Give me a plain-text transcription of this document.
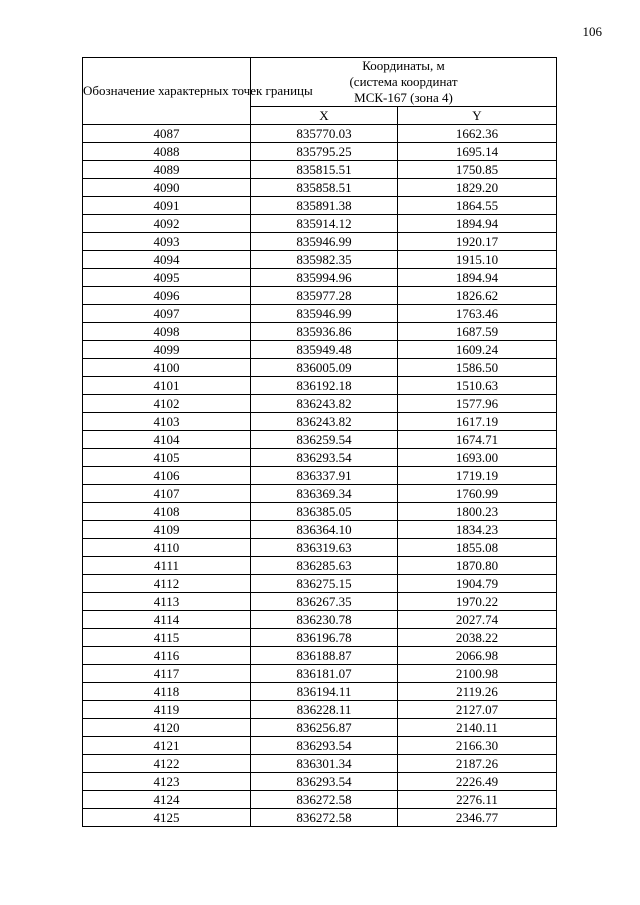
106
Обозначение характерных точек границы	Координаты, м
(система координат
МСК-167 (зона 4)	
	X	Y
4087	835770.03	1662.36
4088	835795.25	1695.14
4089	835815.51	1750.85
4090	835858.51	1829.20
4091	835891.38	1864.55
4092	835914.12	1894.94
4093	835946.99	1920.17
4094	835982.35	1915.10
4095	835994.96	1894.94
4096	835977.28	1826.62
4097	835946.99	1763.46
4098	835936.86	1687.59
4099	835949.48	1609.24
4100	836005.09	1586.50
4101	836192.18	1510.63
4102	836243.82	1577.96
4103	836243.82	1617.19
4104	836259.54	1674.71
4105	836293.54	1693.00
4106	836337.91	1719.19
4107	836369.34	1760.99
4108	836385.05	1800.23
4109	836364.10	1834.23
4110	836319.63	1855.08
4111	836285.63	1870.80
4112	836275.15	1904.79
4113	836267.35	1970.22
4114	836230.78	2027.74
4115	836196.78	2038.22
4116	836188.87	2066.98
4117	836181.07	2100.98
4118	836194.11	2119.26
4119	836228.11	2127.07
4120	836256.87	2140.11
4121	836293.54	2166.30
4122	836301.34	2187.26
4123	836293.54	2226.49
4124	836272.58	2276.11
4125	836272.58	2346.77
